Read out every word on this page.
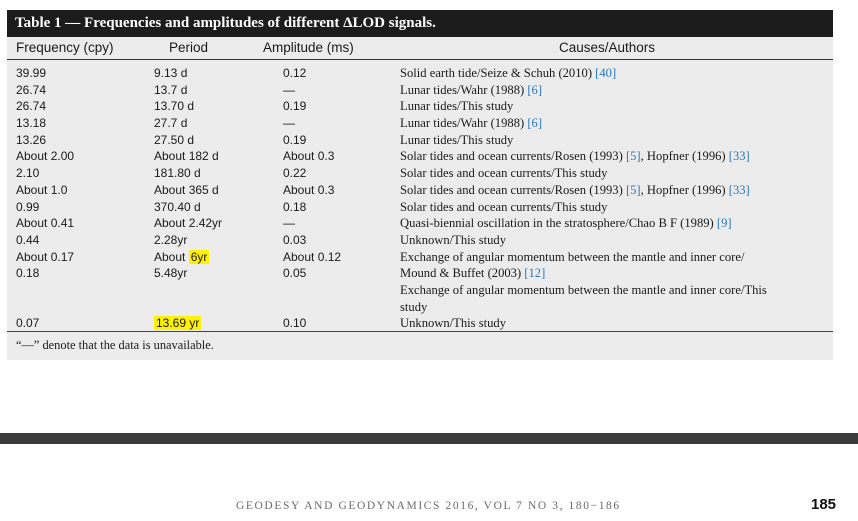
Table 1 — Frequencies and amplitudes of different ΔLOD signals.
Frequency (cpy)	Period	Amplitude (ms)	Causes/Authors
39.99	9.13 d	0.12	Solid earth tide/Seize & Schuh (2010) [40]
26.74	13.7 d	—	Lunar tides/Wahr (1988) [6]
26.74	13.70 d	0.19	Lunar tides/This study
13.18	27.7 d	—	Lunar tides/Wahr (1988) [6]
13.26	27.50 d	0.19	Lunar tides/This study
About 2.00	About 182 d	About 0.3	Solar tides and ocean currents/Rosen (1993) [5], Hopfner (1996) [33]
2.10	181.80 d	0.22	Solar tides and ocean currents/This study
About 1.0	About 365 d	About 0.3	Solar tides and ocean currents/Rosen (1993) [5], Hopfner (1996) [33]
0.99	370.40 d	0.18	Solar tides and ocean currents/This study
About 0.41	About 2.42yr	—	Quasi-biennial oscillation in the stratosphere/Chao B F (1989) [9]
0.44	2.28yr	0.03	Unknown/This study
About 0.17	About 6yr	About 0.12	Exchange of angular momentum between the mantle and inner core/
0.18	5.48yr	0.05	Mound & Buffet (2003) [12]
Exchange of angular momentum between the mantle and inner core/This
study
0.07	13.69 yr	0.10	Unknown/This study
“—” denote that the data is unavailable.
GEODESY AND GEODYNAMICS 2016, VOL 7 NO 3, 180−186	185
